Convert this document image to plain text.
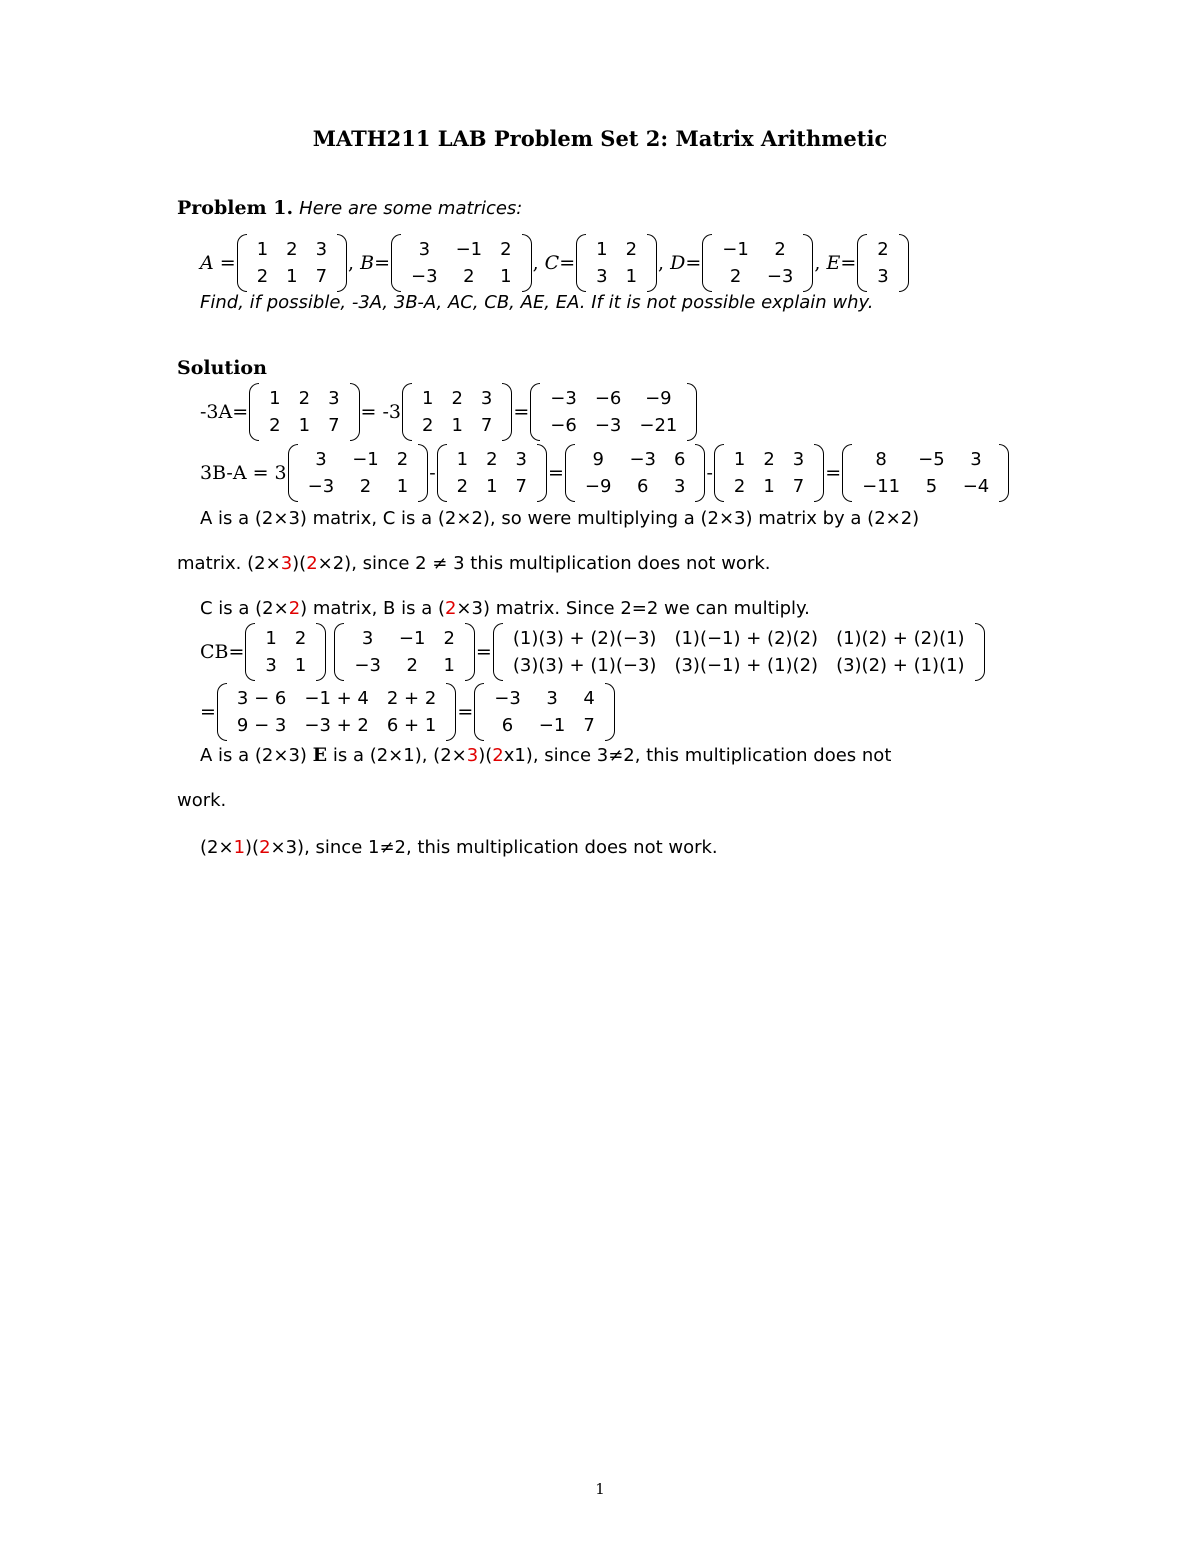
MATH211 LAB Problem Set 2: Matrix Arithmetic
Problem 1.
Here are some matrices:
A =
1	2	3
2	1	7
,
B=
3	−1	2
−3	2	1
,
C=
1	2
3	1
,
D=
−1	2
2	−3
,
E=
2
3
Find, if possible, -3A, 3B-A, AC, CB, AE, EA. If it is not possible explain why.
Solution
-3A=
1	2	3
2	1	7
= -3
1	2	3
2	1	7
=
−3	−6	−9
−6	−3	−21
3B-A = 3
3	−1	2
−3	2	1
-
1	2	3
2	1	7
=
9	−3	6
−9	6	3
-
1	2	3
2	1	7
=
8	−5	3
−11	5	−4
A is a (2×3) matrix, C is a (2×2), so were multiplying a (2×3) matrix by a (2×2)
matrix. (2× 3 )( 2 ×2), since 2 ≠ 3 this multiplication does not work.
C is a (2× 2 ) matrix, B is a ( 2 ×3) matrix. Since 2=2 we can multiply.
CB=
1	2
3	1

3	−1	2
−3	2	1
=
(1)(3) + (2)(−3)	(1)(−1) + (2)(2)	(1)(2) + (2)(1)
(3)(3) + (1)(−3)	(3)(−1) + (1)(2)	(3)(2) + (1)(1)
=
3 − 6	−1 + 4	2 + 2
9 − 3	−3 + 2	6 + 1
=
−3	3	4
6	−1	7
A is a (2×3) E is a (2×1), (2× 3 )( 2 x1), since 3≠2, this multiplication does not
work.
(2× 1 )( 2 ×3), since 1≠2, this multiplication does not work.
1
